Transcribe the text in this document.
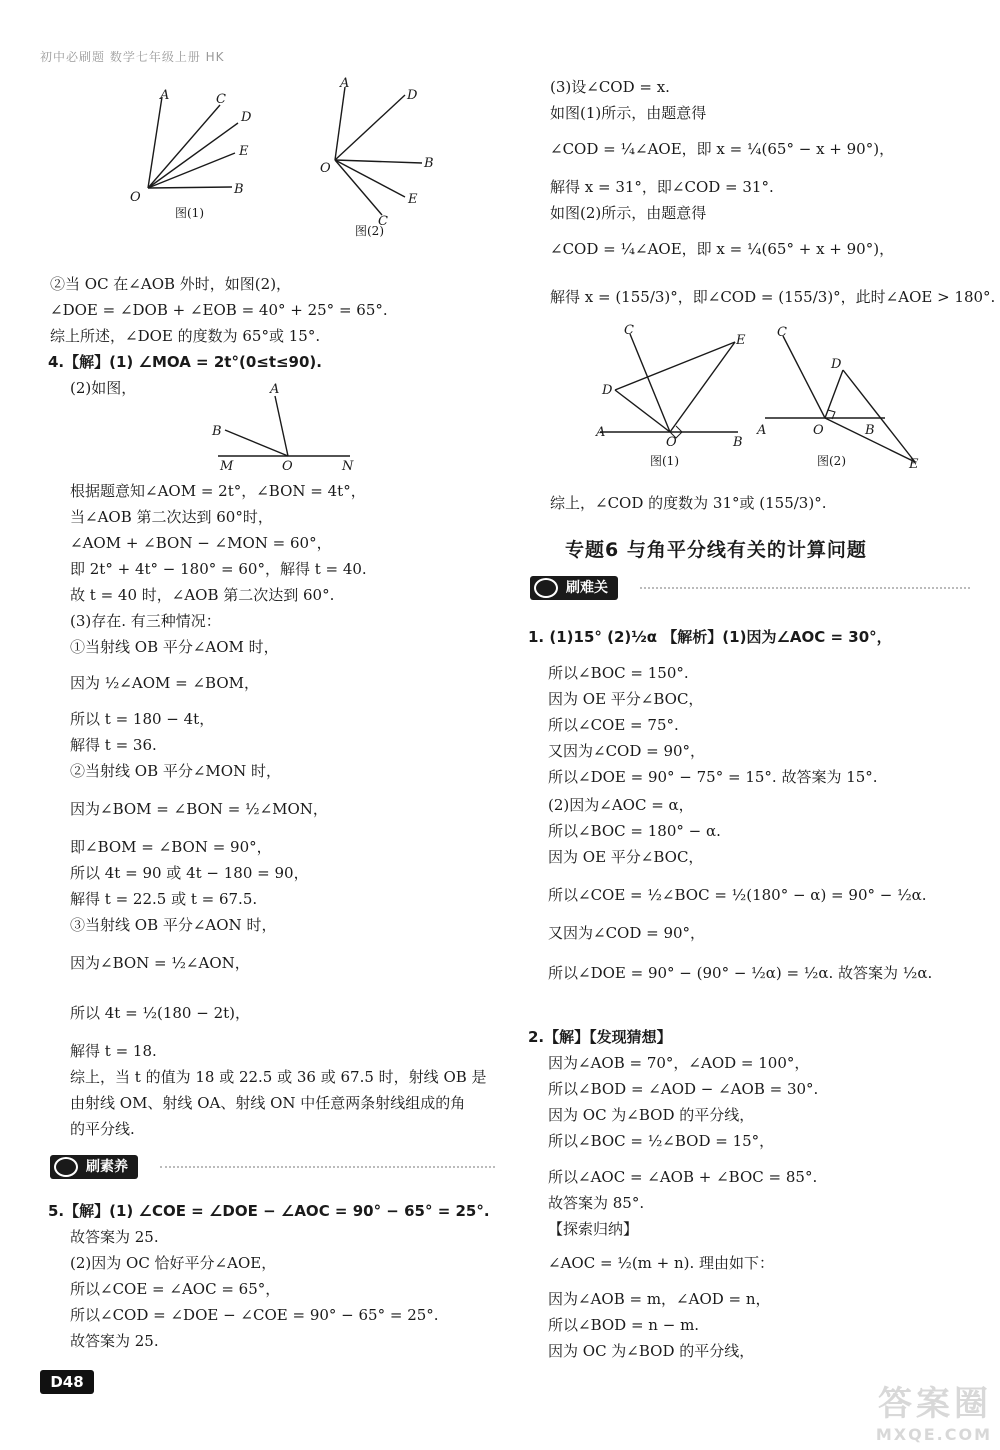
初中必刷题 数学七年级上册 HK
A	C
D
E
B
O
图(1)
A
D
B
E
C
O
图(2)
②当 OC 在∠AOB 外时，如图(2)，
∠DOE = ∠DOB + ∠EOB = 40° + 25° = 65°.
综上所述，∠DOE 的度数为 65°或 15°.
4.【解】(1) ∠MOA = 2t°(0≤t≤90).
(2)如图，	A
B
M	O	N
根据题意知∠AOM = 2t°，∠BON = 4t°，
当∠AOB 第二次达到 60°时，
∠AOM + ∠BON − ∠MON = 60°，
即 2t° + 4t° − 180° = 60°，解得 t = 40.
故 t = 40 时，∠AOB 第二次达到 60°.
(3)存在. 有三种情况：
①当射线 OB 平分∠AOM 时，
因为 ½∠AOM = ∠BOM，
所以 t = 180 − 4t，
解得 t = 36.
②当射线 OB 平分∠MON 时，
因为∠BOM = ∠BON = ½∠MON，
即∠BOM = ∠BON = 90°，
所以 4t = 90 或 4t − 180 = 90，
解得 t = 22.5 或 t = 67.5.
③当射线 OB 平分∠AON 时，
因为∠BON = ½∠AON，
所以 4t = ½(180 − 2t)，
解得 t = 18.
综上，当 t 的值为 18 或 22.5 或 36 或 67.5 时，射线 OB 是
由射线 OM、射线 OA、射线 ON 中任意两条射线组成的角
的平分线.
刷素养
5.【解】(1) ∠COE = ∠DOE − ∠AOC = 90° − 65° = 25°.
故答案为 25.
(2)因为 OC 恰好平分∠AOE，
所以∠COE = ∠AOC = 65°，
所以∠COD = ∠DOE − ∠COE = 90° − 65° = 25°.
故答案为 25.
(3)设∠COD = x.
如图(1)所示，由题意得
∠COD = ¼∠AOE，即 x = ¼(65° − x + 90°)，
解得 x = 31°，即∠COD = 31°.
如图(2)所示，由题意得
∠COD = ¼∠AOE，即 x = ¼(65° + x + 90°)，
解得 x = (155/3)°，即∠COD = (155/3)°，此时∠AOE > 180°.
C
E
D
A
O	B
图(1)
C
D
A	O	B
E
图(2)
综上，∠COD 的度数为 31°或 (155/3)°.
专题6 与角平分线有关的计算问题
刷难关
1. (1)15° (2)½α 【解析】(1)因为∠AOC = 30°，
所以∠BOC = 150°.
因为 OE 平分∠BOC，
所以∠COE = 75°.
又因为∠COD = 90°，
所以∠DOE = 90° − 75° = 15°. 故答案为 15°.
(2)因为∠AOC = α，
所以∠BOC = 180° − α.
因为 OE 平分∠BOC，
所以∠COE = ½∠BOC = ½(180° − α) = 90° − ½α.
又因为∠COD = 90°，
所以∠DOE = 90° − (90° − ½α) = ½α. 故答案为 ½α.
2.【解】【发现猜想】
因为∠AOB = 70°，∠AOD = 100°，
所以∠BOD = ∠AOD − ∠AOB = 30°.
因为 OC 为∠BOD 的平分线，
所以∠BOC = ½∠BOD = 15°，
所以∠AOC = ∠AOB + ∠BOC = 85°.
故答案为 85°.
【探索归纳】
∠AOC = ½(m + n). 理由如下：
因为∠AOB = m，∠AOD = n，
所以∠BOD = n − m.
因为 OC 为∠BOD 的平分线，
D48
答案圈
MXQE.COM
